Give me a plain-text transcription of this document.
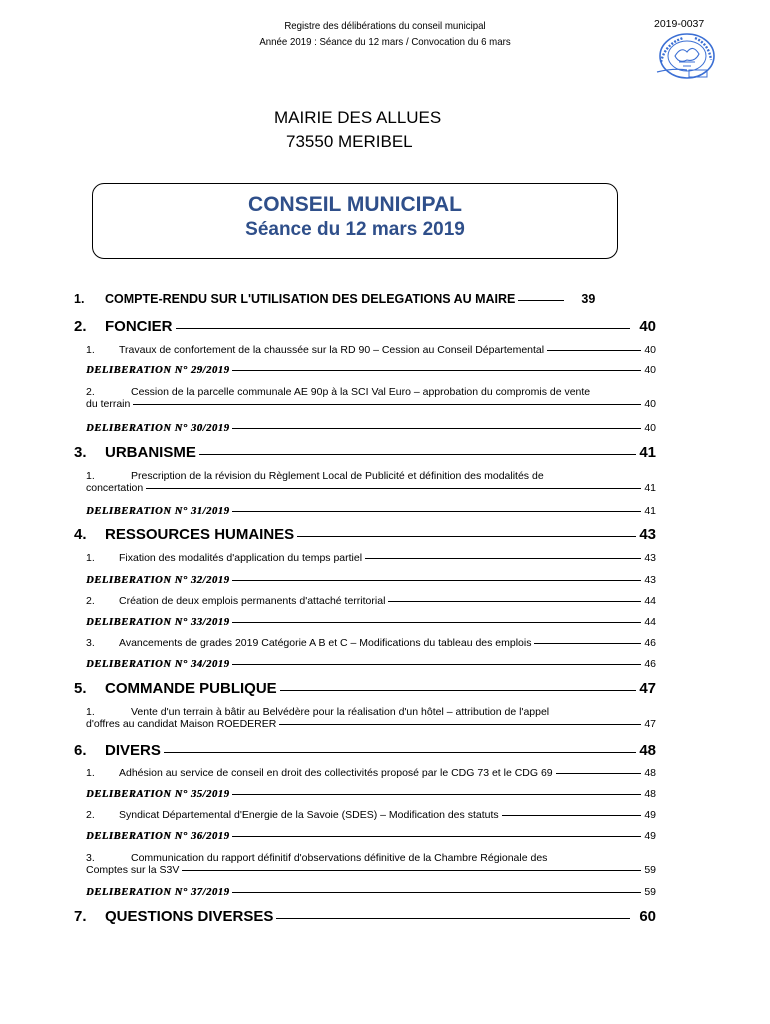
Registre des délibérations du conseil municipal
Année 2019 : Séance du 12 mars / Convocation du 6 mars
2019-0037
MAIRIE DES ALLUES
73550 MERIBEL
CONSEIL MUNICIPAL
Séance du 12 mars 2019
1.	COMPTE-RENDU SUR L'UTILISATION DES DELEGATIONS AU MAIRE	39
2.	FONCIER	40
1.	Travaux de confortement de la chaussée sur la RD 90 – Cession au Conseil Départemental	40
DELIBERATION N° 29/2019	40
2.	Cession de la parcelle communale AE 90p à la SCI Val Euro – approbation du compromis de vente
du terrain	40
DELIBERATION N° 30/2019	40
3.	URBANISME	41
1.	Prescription de la révision du Règlement Local de Publicité et définition des modalités de
concertation	41
DELIBERATION N° 31/2019	41
4.	RESSOURCES HUMAINES	43
1.	Fixation des modalités d'application du temps partiel	43
DELIBERATION N° 32/2019	43
2.	Création de deux emplois permanents d'attaché territorial	44
DELIBERATION N° 33/2019	44
3.	Avancements de grades 2019 Catégorie A B et C – Modifications du tableau des emplois	46
DELIBERATION N° 34/2019	46
5.	COMMANDE PUBLIQUE	47
1.	Vente d'un terrain à bâtir au Belvédère pour la réalisation d'un hôtel – attribution de l'appel
d'offres au candidat Maison ROEDERER	47
6.	DIVERS	48
1.	Adhésion au service de conseil en droit des collectivités proposé par le CDG 73 et le CDG 69	48
DELIBERATION N° 35/2019	48
2.	Syndicat Départemental d'Energie de la Savoie (SDES) – Modification des statuts	49
DELIBERATION N° 36/2019	49
3.	Communication du rapport définitif d'observations définitive de la Chambre Régionale des
Comptes sur la S3V	59
DELIBERATION N° 37/2019	59
7.	QUESTIONS DIVERSES	60
